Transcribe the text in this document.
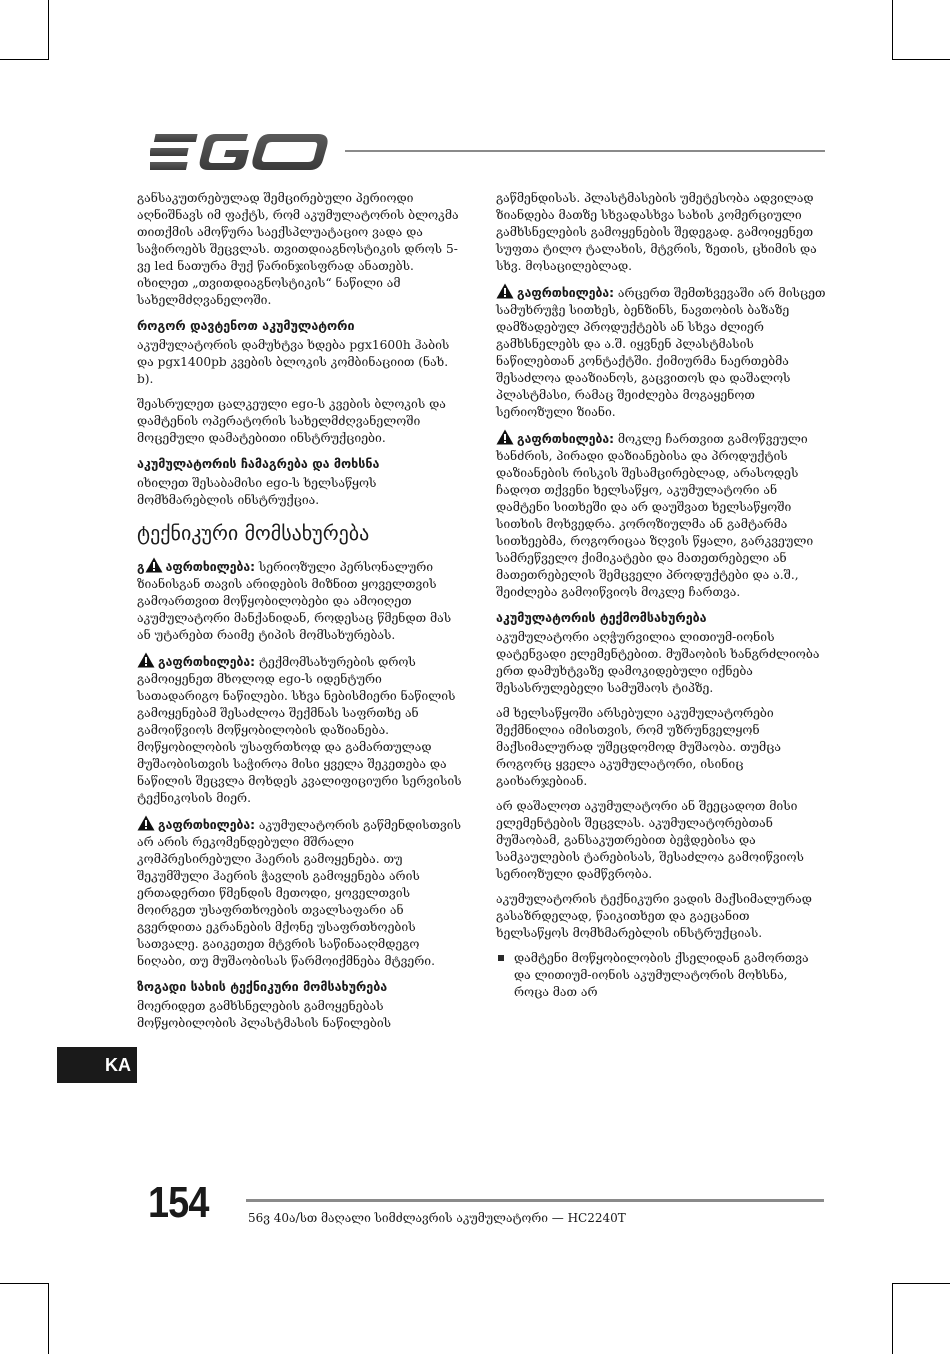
განსაკუთრებულად შემცირებული პერიოდი აღნიშნავს იმ ფაქტს, რომ აკუმულატორის ბლოკმა თითქმის ამოწურა საექსპლუატაციო ვადა და საჭიროებს შეცვლას. თვითდიაგნოსტიკის დროს 5-ვე led ნათურა მუქ წარინჯისფრად ანათებს. იხილეთ „თვითდიაგნოსტიკის“ ნაწილი ამ სახელმძღვანელოში.

როგორ დავტენოთ აკუმულატორი

აკუმულატორის დამუხტვა ხდება pgx1600h ჰაბის და pgx1400pb კვების ბლოკის კომბინაციით (ნახ. b).

შეასრულეთ ცალკეული ego-ს კვების ბლოკის და დამტენის ოპერატორის სახელმძღვანელოში მოცემული დამატებითი ინსტრუქციები.

აკუმულატორის ჩამაგრება და მოხსნა

იხილეთ შესაბამისი ego-ს ხელსაწყოს მომხმარებლის ინსტრუქცია.

ტექნიკური მომსახურება

გ აფრთხილება: სერიოზული პერსონალური ზიანისგან თავის არიდების მიზნით ყოველთვის გამოართვით მოწყობილობები და ამოიღეთ აკუმულატორი მანქანიდან, როდესაც წმენდთ მას ან უტარებთ რაიმე ტიპის მომსახურებას.

გაფრთხილება: ტექმომსახურების დროს გამოიყენეთ მხოლოდ ego-ს იდენტური სათადარიგო ნაწილები. სხვა ნებისმიერი ნაწილის გამოყენებამ შესაძლოა შექმნას საფრთხე ან გამოიწვიოს მოწყობილობის დაზიანება. მოწყობილობის უსაფრთხოდ და გამართულად მუშაობისთვის საჭიროა მისი ყველა შეკეთება და ნაწილის შეცვლა მოხდეს კვალიფიციური სერვისის ტექნიკოსის მიერ.

გაფრთხილება: აკუმულატორის გაწმენდისთვის არ არის რეკომენდებული მშრალი კომპრესირებული ჰაერის გამოყენება. თუ შეკუმშული ჰაერის ჭავლის გამოყენება არის ერთადერთი წმენდის მეთოდი, ყოველთვის მოირგეთ უსაფრთხოების თვალსაფარი ან გვერდითა ეკრანების მქონე უსაფრთხოების სათვალე. გაიკეთეთ მტვრის საწინააღმდეგო ნიღაბი, თუ მუშაობისას წარმოიქმნება მტვერი.

ზოგადი სახის ტექნიკური მომსახურება

მოერიდეთ გამხსნელების გამოყენებას მოწყობილობის პლასტმასის ნაწილების

გაწმენდისას. პლასტმასების უმეტესობა ადვილად ზიანდება მათზე სხვადასხვა სახის კომერციული გამხსნელების გამოყენების შედეგად. გამოიყენეთ სუფთა ტილო ტალახის, მტვრის, ზეთის, ცხიმის და სხვ. მოსაცილებლად.

გაფრთხილება: არცერთ შემთხვევაში არ მისცეთ სამუხრუჭე სითხეს, ბენზინს, ნავთობის ბაზაზე დამზადებულ პროდუქტებს ან სხვა ძლიერ გამხსნელებს და ა.შ. იყვნენ პლასტმასის ნაწილებთან კონტაქტში. ქიმიურმა ნაერთებმა შესაძლოა დააზიანოს, გაცვითოს და დაშალოს პლასტმასი, რამაც შეიძლება მოგაყენოთ სერიოზული ზიანი.

გაფრთხილება: მოკლე ჩართვით გამოწვეული ხანძრის, პირადი დაზიანებისა და პროდუქტის დაზიანების რისკის შესამცირებლად, არასოდეს ჩადოთ თქვენი ხელსაწყო, აკუმულატორი ან დამტენი სითხეში და არ დაუშვათ ხელსაწყოში სითხის მოხვედრა. კოროზიულმა ან გამტარმა სითხეებმა, როგორიცაა ზღვის წყალი, გარკვეული სამრეწველო ქიმიკატები და მათეთრებელი ან მათეთრებელის შემცველი პროდუქტები და ა.შ., შეიძლება გამოიწვიოს მოკლე ჩართვა.

აკუმულატორის ტექმომსახურება

აკუმულატორი აღჭურვილია ლითიუმ-იონის დატენვადი ელემენტებით. მუშაობის ხანგრძლიობა ერთ დამუხტვაზე დამოკიდებული იქნება შესასრულებელი სამუშაოს ტიპზე.

ამ ხელსაწყოში არსებული აკუმულატორები შექმნილია იმისთვის, რომ უზრუნველყონ მაქსიმალურად უშეცდომოდ მუშაობა. თუმცა როგორც ყველა აკუმულატორი, ისინიც გაიხარჯებიან.

არ დაშალოთ აკუმულატორი ან შეეცადოთ მისი ელემენტების შეცვლას. აკუმულატორებთან მუშაობამ, განსაკუთრებით ბეჭდებისა და სამკაულების ტარებისას, შესაძლოა გამოიწვიოს სერიოზული დამწვრობა.

აკუმულატორის ტექნიკური ვადის მაქსიმალურად გასაზრდელად, წაიკითხეთ და გაეცანით ხელსაწყოს მომხმარებლის ინსტრუქციას.

დამტენი მოწყობილობის ქსელიდან გამორთვა და ლითიუმ-იონის აკუმულატორის მოხსნა, როცა მათ არ
KA
154	56ვ 40ა/სთ მაღალი სიმძლავრის აკუმულატორი — HC2240T
